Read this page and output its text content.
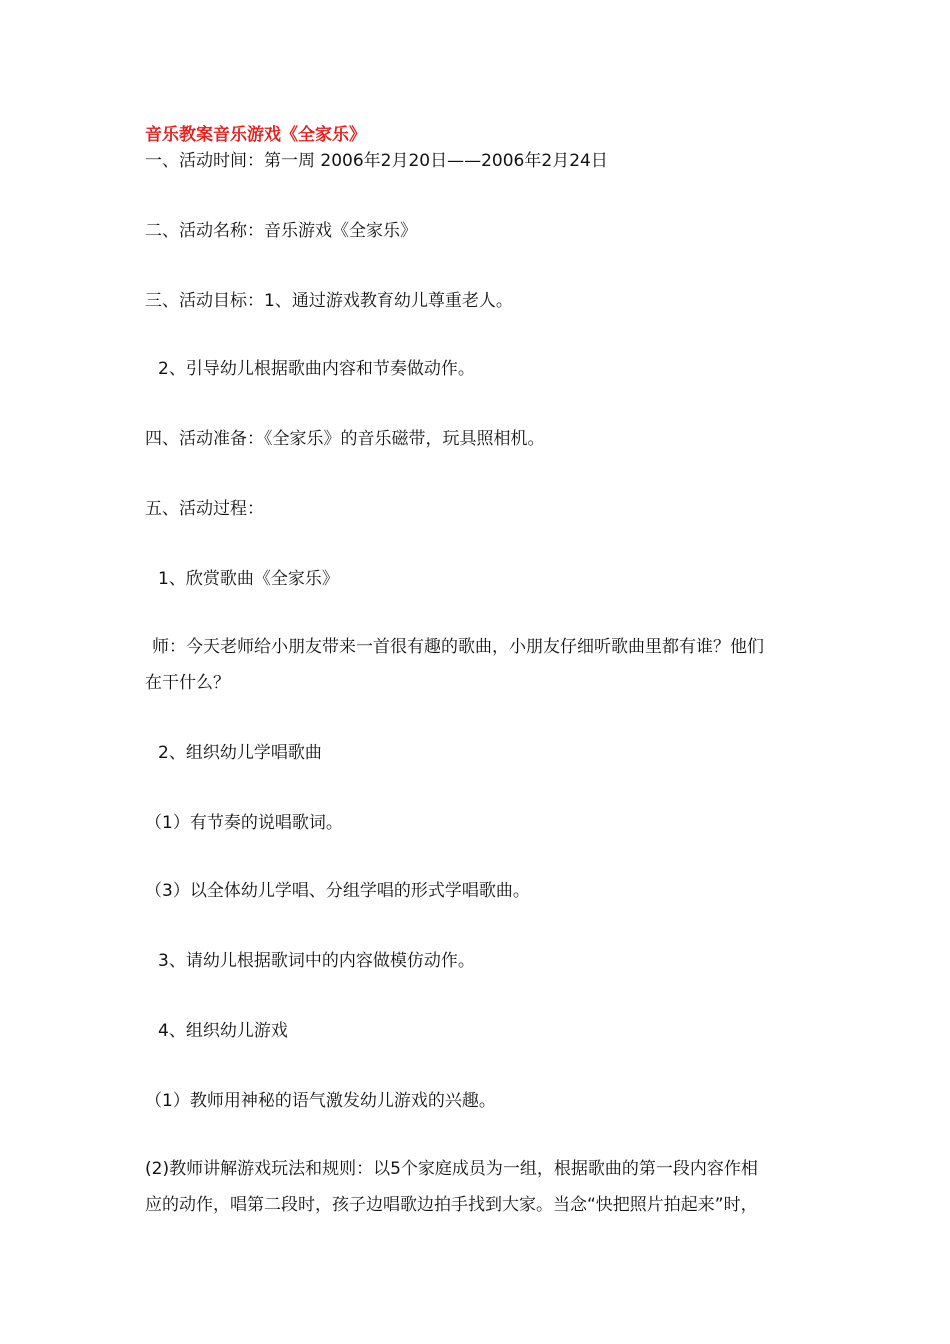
音乐教案音乐游戏《全家乐》
一、活动时间：第一周 2006年2月20日——2006年2月24日
二、活动名称：音乐游戏《全家乐》
三、活动目标：1、通过游戏教育幼儿尊重老人。
2、引导幼儿根据歌曲内容和节奏做动作。
四、活动准备：《全家乐》的音乐磁带，玩具照相机。
五、活动过程：
1、欣赏歌曲《全家乐》
师：今天老师给小朋友带来一首很有趣的歌曲，小朋友仔细听歌曲里都有谁？他们
在干什么？
2、组织幼儿学唱歌曲
（1）有节奏的说唱歌词。
（3）以全体幼儿学唱、分组学唱的形式学唱歌曲。
3、请幼儿根据歌词中的内容做模仿动作。
4、组织幼儿游戏
（1）教师用神秘的语气激发幼儿游戏的兴趣。
(2)教师讲解游戏玩法和规则：以5个家庭成员为一组，根据歌曲的第一段内容作相
应的动作，唱第二段时，孩子边唱歌边拍手找到大家。当念“快把照片拍起来”时，
